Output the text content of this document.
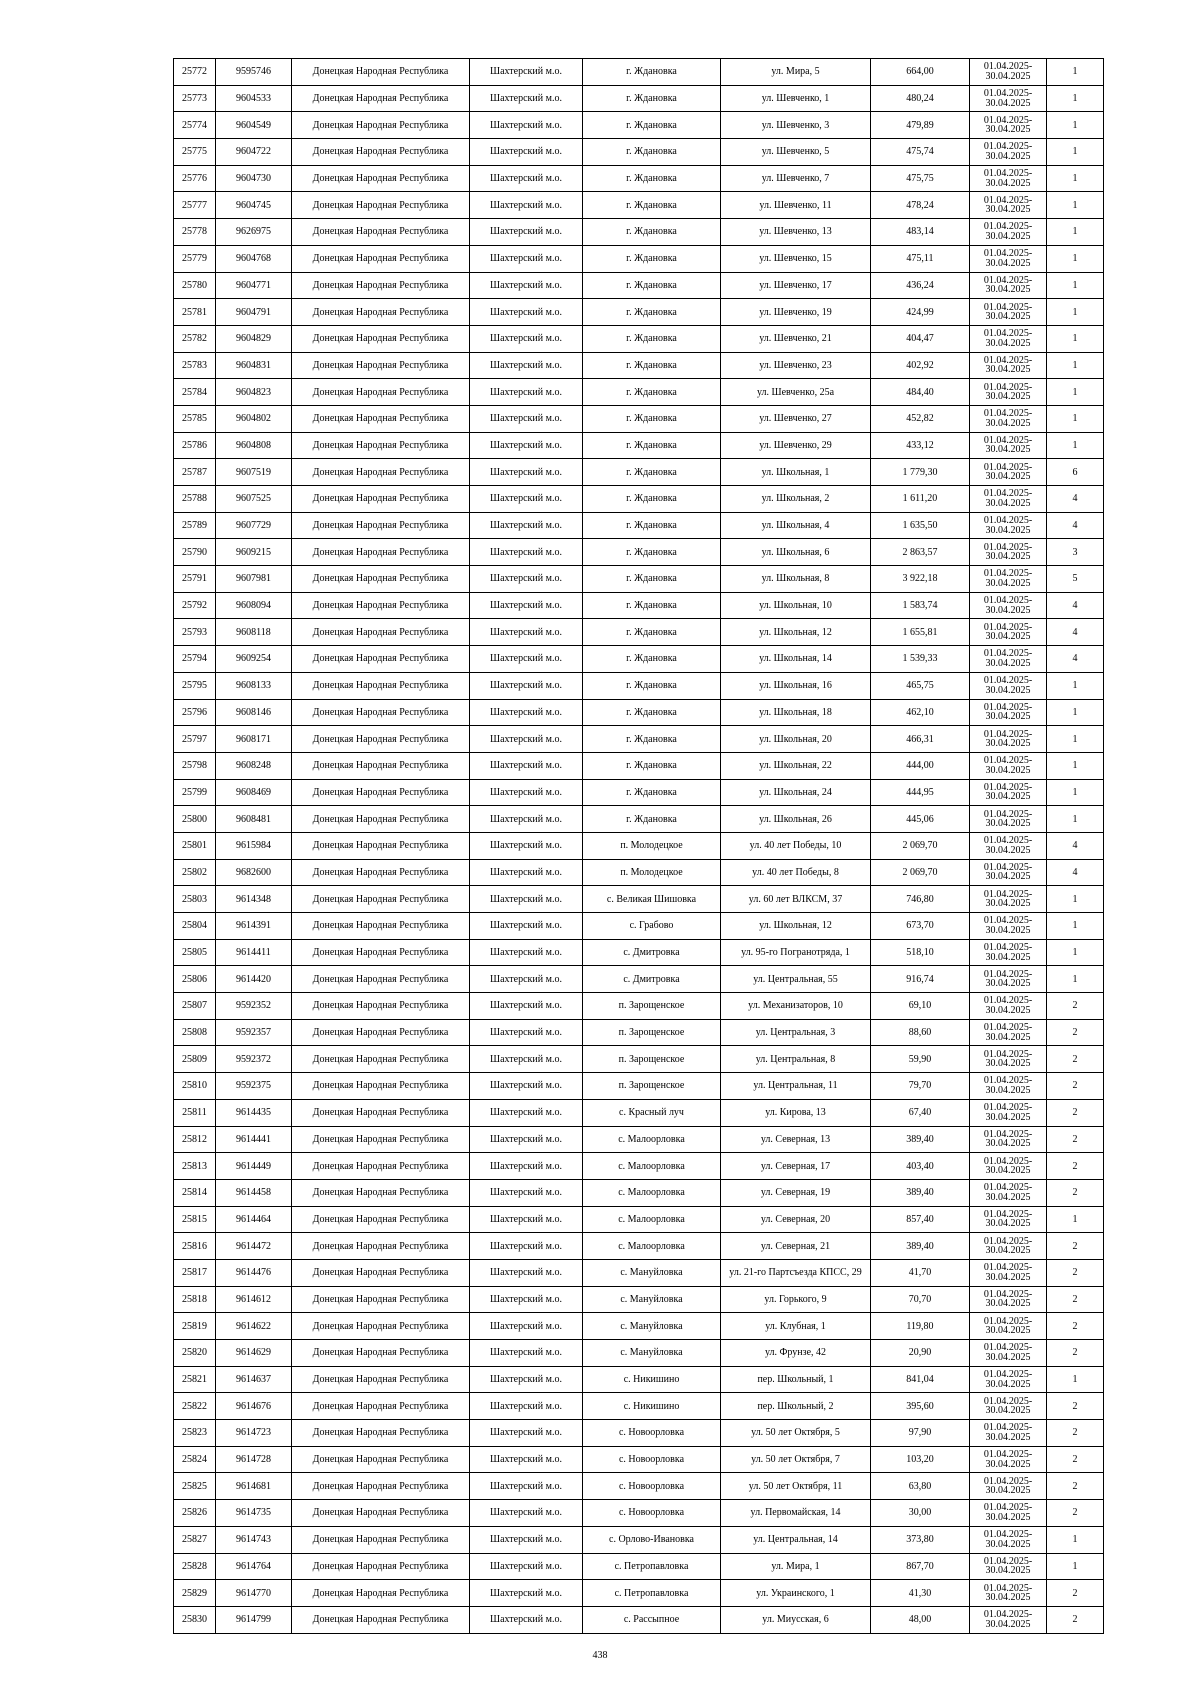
25772	9595746	Донецкая Народная Республика	Шахтерский м.о.	г. Ждановка	ул. Мира, 5	664,00	01.04.2025-
30.04.2025	1
25773	9604533	Донецкая Народная Республика	Шахтерский м.о.	г. Ждановка	ул. Шевченко, 1	480,24	01.04.2025-
30.04.2025	1
25774	9604549	Донецкая Народная Республика	Шахтерский м.о.	г. Ждановка	ул. Шевченко, 3	479,89	01.04.2025-
30.04.2025	1
25775	9604722	Донецкая Народная Республика	Шахтерский м.о.	г. Ждановка	ул. Шевченко, 5	475,74	01.04.2025-
30.04.2025	1
25776	9604730	Донецкая Народная Республика	Шахтерский м.о.	г. Ждановка	ул. Шевченко, 7	475,75	01.04.2025-
30.04.2025	1
25777	9604745	Донецкая Народная Республика	Шахтерский м.о.	г. Ждановка	ул. Шевченко, 11	478,24	01.04.2025-
30.04.2025	1
25778	9626975	Донецкая Народная Республика	Шахтерский м.о.	г. Ждановка	ул. Шевченко, 13	483,14	01.04.2025-
30.04.2025	1
25779	9604768	Донецкая Народная Республика	Шахтерский м.о.	г. Ждановка	ул. Шевченко, 15	475,11	01.04.2025-
30.04.2025	1
25780	9604771	Донецкая Народная Республика	Шахтерский м.о.	г. Ждановка	ул. Шевченко, 17	436,24	01.04.2025-
30.04.2025	1
25781	9604791	Донецкая Народная Республика	Шахтерский м.о.	г. Ждановка	ул. Шевченко, 19	424,99	01.04.2025-
30.04.2025	1
25782	9604829	Донецкая Народная Республика	Шахтерский м.о.	г. Ждановка	ул. Шевченко, 21	404,47	01.04.2025-
30.04.2025	1
25783	9604831	Донецкая Народная Республика	Шахтерский м.о.	г. Ждановка	ул. Шевченко, 23	402,92	01.04.2025-
30.04.2025	1
25784	9604823	Донецкая Народная Республика	Шахтерский м.о.	г. Ждановка	ул. Шевченко, 25а	484,40	01.04.2025-
30.04.2025	1
25785	9604802	Донецкая Народная Республика	Шахтерский м.о.	г. Ждановка	ул. Шевченко, 27	452,82	01.04.2025-
30.04.2025	1
25786	9604808	Донецкая Народная Республика	Шахтерский м.о.	г. Ждановка	ул. Шевченко, 29	433,12	01.04.2025-
30.04.2025	1
25787	9607519	Донецкая Народная Республика	Шахтерский м.о.	г. Ждановка	ул. Школьная, 1	1 779,30	01.04.2025-
30.04.2025	6
25788	9607525	Донецкая Народная Республика	Шахтерский м.о.	г. Ждановка	ул. Школьная, 2	1 611,20	01.04.2025-
30.04.2025	4
25789	9607729	Донецкая Народная Республика	Шахтерский м.о.	г. Ждановка	ул. Школьная, 4	1 635,50	01.04.2025-
30.04.2025	4
25790	9609215	Донецкая Народная Республика	Шахтерский м.о.	г. Ждановка	ул. Школьная, 6	2 863,57	01.04.2025-
30.04.2025	3
25791	9607981	Донецкая Народная Республика	Шахтерский м.о.	г. Ждановка	ул. Школьная, 8	3 922,18	01.04.2025-
30.04.2025	5
25792	9608094	Донецкая Народная Республика	Шахтерский м.о.	г. Ждановка	ул. Школьная, 10	1 583,74	01.04.2025-
30.04.2025	4
25793	9608118	Донецкая Народная Республика	Шахтерский м.о.	г. Ждановка	ул. Школьная, 12	1 655,81	01.04.2025-
30.04.2025	4
25794	9609254	Донецкая Народная Республика	Шахтерский м.о.	г. Ждановка	ул. Школьная, 14	1 539,33	01.04.2025-
30.04.2025	4
25795	9608133	Донецкая Народная Республика	Шахтерский м.о.	г. Ждановка	ул. Школьная, 16	465,75	01.04.2025-
30.04.2025	1
25796	9608146	Донецкая Народная Республика	Шахтерский м.о.	г. Ждановка	ул. Школьная, 18	462,10	01.04.2025-
30.04.2025	1
25797	9608171	Донецкая Народная Республика	Шахтерский м.о.	г. Ждановка	ул. Школьная, 20	466,31	01.04.2025-
30.04.2025	1
25798	9608248	Донецкая Народная Республика	Шахтерский м.о.	г. Ждановка	ул. Школьная, 22	444,00	01.04.2025-
30.04.2025	1
25799	9608469	Донецкая Народная Республика	Шахтерский м.о.	г. Ждановка	ул. Школьная, 24	444,95	01.04.2025-
30.04.2025	1
25800	9608481	Донецкая Народная Республика	Шахтерский м.о.	г. Ждановка	ул. Школьная, 26	445,06	01.04.2025-
30.04.2025	1
25801	9615984	Донецкая Народная Республика	Шахтерский м.о.	п. Молодецкое	ул. 40 лет Победы, 10	2 069,70	01.04.2025-
30.04.2025	4
25802	9682600	Донецкая Народная Республика	Шахтерский м.о.	п. Молодецкое	ул. 40 лет Победы, 8	2 069,70	01.04.2025-
30.04.2025	4
25803	9614348	Донецкая Народная Республика	Шахтерский м.о.	с. Великая Шишовка	ул. 60 лет ВЛКСМ, 37	746,80	01.04.2025-
30.04.2025	1
25804	9614391	Донецкая Народная Республика	Шахтерский м.о.	с. Грабово	ул. Школьная, 12	673,70	01.04.2025-
30.04.2025	1
25805	9614411	Донецкая Народная Республика	Шахтерский м.о.	с. Дмитровка	ул. 95-го Погранотряда, 1	518,10	01.04.2025-
30.04.2025	1
25806	9614420	Донецкая Народная Республика	Шахтерский м.о.	с. Дмитровка	ул. Центральная, 55	916,74	01.04.2025-
30.04.2025	1
25807	9592352	Донецкая Народная Республика	Шахтерский м.о.	п. Зарощенское	ул. Механизаторов, 10	69,10	01.04.2025-
30.04.2025	2
25808	9592357	Донецкая Народная Республика	Шахтерский м.о.	п. Зарощенское	ул. Центральная, 3	88,60	01.04.2025-
30.04.2025	2
25809	9592372	Донецкая Народная Республика	Шахтерский м.о.	п. Зарощенское	ул. Центральная, 8	59,90	01.04.2025-
30.04.2025	2
25810	9592375	Донецкая Народная Республика	Шахтерский м.о.	п. Зарощенское	ул. Центральная, 11	79,70	01.04.2025-
30.04.2025	2
25811	9614435	Донецкая Народная Республика	Шахтерский м.о.	с. Красный луч	ул. Кирова, 13	67,40	01.04.2025-
30.04.2025	2
25812	9614441	Донецкая Народная Республика	Шахтерский м.о.	с. Малоорловка	ул. Северная, 13	389,40	01.04.2025-
30.04.2025	2
25813	9614449	Донецкая Народная Республика	Шахтерский м.о.	с. Малоорловка	ул. Северная, 17	403,40	01.04.2025-
30.04.2025	2
25814	9614458	Донецкая Народная Республика	Шахтерский м.о.	с. Малоорловка	ул. Северная, 19	389,40	01.04.2025-
30.04.2025	2
25815	9614464	Донецкая Народная Республика	Шахтерский м.о.	с. Малоорловка	ул. Северная, 20	857,40	01.04.2025-
30.04.2025	1
25816	9614472	Донецкая Народная Республика	Шахтерский м.о.	с. Малоорловка	ул. Северная, 21	389,40	01.04.2025-
30.04.2025	2
25817	9614476	Донецкая Народная Республика	Шахтерский м.о.	с. Мануйловка	ул. 21-го Партсъезда КПСС, 29	41,70	01.04.2025-
30.04.2025	2
25818	9614612	Донецкая Народная Республика	Шахтерский м.о.	с. Мануйловка	ул. Горького, 9	70,70	01.04.2025-
30.04.2025	2
25819	9614622	Донецкая Народная Республика	Шахтерский м.о.	с. Мануйловка	ул. Клубная, 1	119,80	01.04.2025-
30.04.2025	2
25820	9614629	Донецкая Народная Республика	Шахтерский м.о.	с. Мануйловка	ул. Фрунзе, 42	20,90	01.04.2025-
30.04.2025	2
25821	9614637	Донецкая Народная Республика	Шахтерский м.о.	с. Никишино	пер. Школьный, 1	841,04	01.04.2025-
30.04.2025	1
25822	9614676	Донецкая Народная Республика	Шахтерский м.о.	с. Никишино	пер. Школьный, 2	395,60	01.04.2025-
30.04.2025	2
25823	9614723	Донецкая Народная Республика	Шахтерский м.о.	с. Новоорловка	ул. 50 лет Октября, 5	97,90	01.04.2025-
30.04.2025	2
25824	9614728	Донецкая Народная Республика	Шахтерский м.о.	с. Новоорловка	ул. 50 лет Октября, 7	103,20	01.04.2025-
30.04.2025	2
25825	9614681	Донецкая Народная Республика	Шахтерский м.о.	с. Новоорловка	ул. 50 лет Октября, 11	63,80	01.04.2025-
30.04.2025	2
25826	9614735	Донецкая Народная Республика	Шахтерский м.о.	с. Новоорловка	ул. Первомайская, 14	30,00	01.04.2025-
30.04.2025	2
25827	9614743	Донецкая Народная Республика	Шахтерский м.о.	с. Орлово-Ивановка	ул. Центральная, 14	373,80	01.04.2025-
30.04.2025	1
25828	9614764	Донецкая Народная Республика	Шахтерский м.о.	с. Петропавловка	ул. Мира, 1	867,70	01.04.2025-
30.04.2025	1
25829	9614770	Донецкая Народная Республика	Шахтерский м.о.	с. Петропавловка	ул. Украинского, 1	41,30	01.04.2025-
30.04.2025	2
25830	9614799	Донецкая Народная Республика	Шахтерский м.о.	с. Рассыпное	ул. Миусская, 6	48,00	01.04.2025-
30.04.2025	2
438
